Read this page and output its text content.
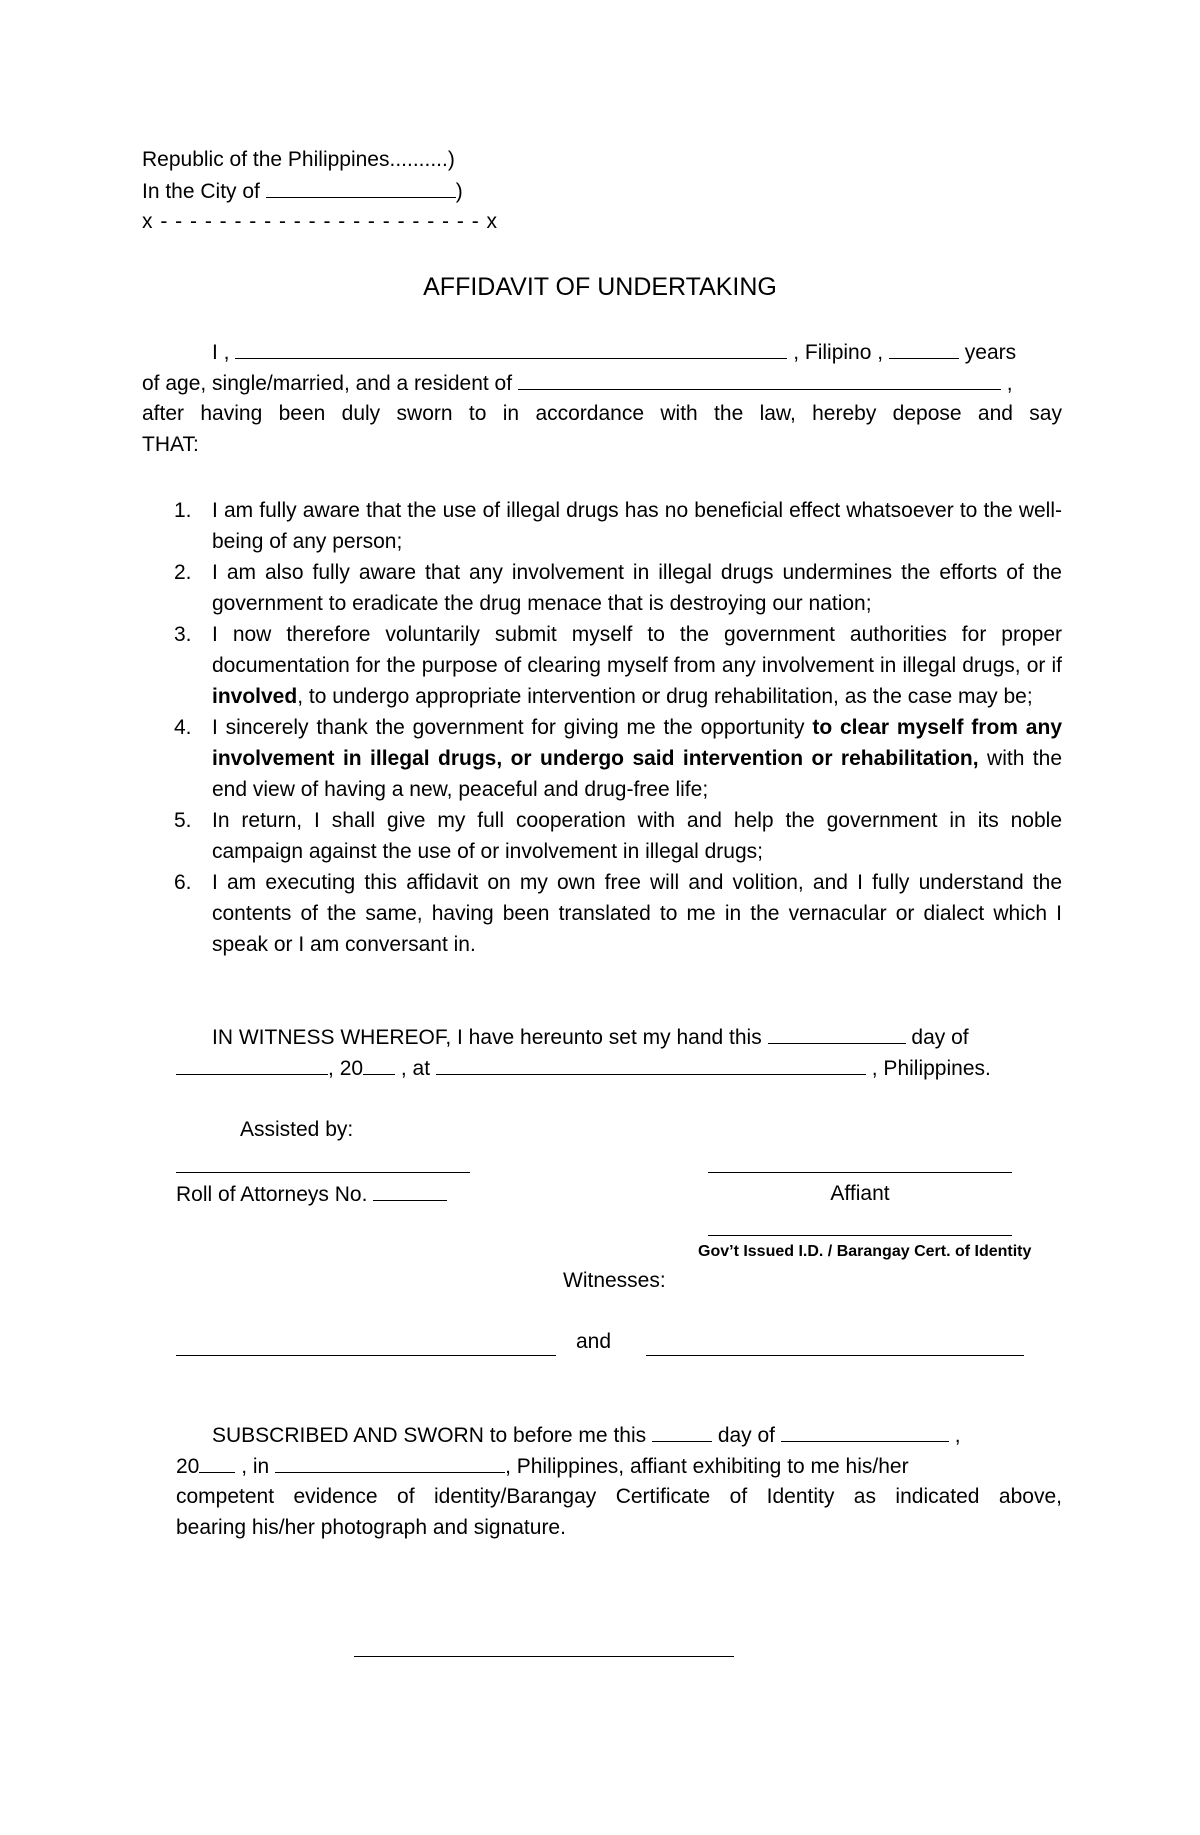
Republic of the Philippines..........)
In the City of	)
x - - - - - - - - - - - - - - - - - - - - - - x
AFFIDAVIT OF UNDERTAKING
I ,	, Filipino ,	years
of age, single/married, and a resident of	,
after having been duly sworn to in accordance with the law, hereby depose and say
THAT:
1. I am fully aware that the use of illegal drugs has no beneficial effect whatsoever to the well-being of any person;
2. I am also fully aware that any involvement in illegal drugs undermines the efforts of the government to eradicate the drug menace that is destroying our nation;
3. I now therefore voluntarily submit myself to the government authorities for proper documentation for the purpose of clearing myself from any involvement in illegal drugs, or if involved, to undergo appropriate intervention or drug rehabilitation, as the case may be;
4. I sincerely thank the government for giving me the opportunity to clear myself from any involvement in illegal drugs, or undergo said intervention or rehabilitation, with the end view of having a new, peaceful and drug-free life;
5. In return, I shall give my full cooperation with and help the government in its noble campaign against the use of or involvement in illegal drugs;
6. I am executing this affidavit on my own free will and volition, and I fully understand the contents of the same, having been translated to me in the vernacular or dialect which I speak or I am conversant in.
IN WITNESS WHEREOF, I have hereunto set my hand this	day of
, 20 , at	, Philippines.
Assisted by:
Roll of Attorneys No.	Affiant
Gov’t Issued I.D. / Barangay Cert. of Identity
Witnesses:
and
SUBSCRIBED AND SWORN to before me this	day of	,
20 , in	, Philippines, affiant exhibiting to me his/her
competent evidence of identity/Barangay Certificate of Identity as indicated above,
bearing his/her photograph and signature.
